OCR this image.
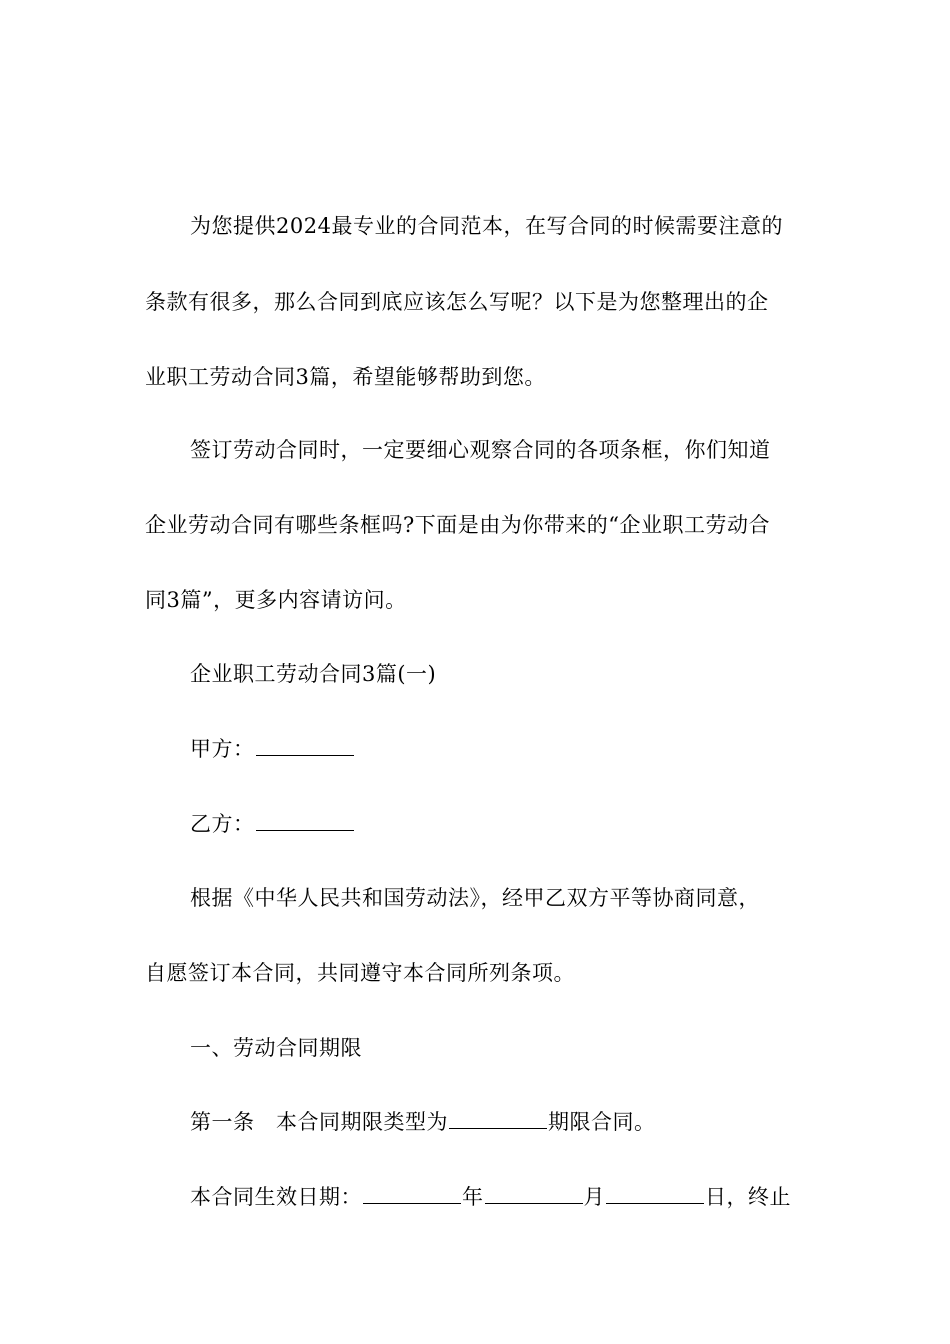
为您提供2024最专业的合同范本，在写合同的时候需要注意的
条款有很多，那么合同到底应该怎么写呢？以下是为您整理出的企
业职工劳动合同3篇，希望能够帮助到您。
签订劳动合同时，一定要细心观察合同的各项条框，你们知道
企业劳动合同有哪些条框吗?下面是由为你带来的“企业职工劳动合
同3篇”，更多内容请访问。
企业职工劳动合同3篇(一)
甲方：
乙方：
根据《中华人民共和国劳动法》，经甲乙双方平等协商同意，
自愿签订本合同，共同遵守本合同所列条项。
一、劳动合同期限
第一条　本合同期限类型为	期限合同。
本合同生效日期：	年	月	日，终止
